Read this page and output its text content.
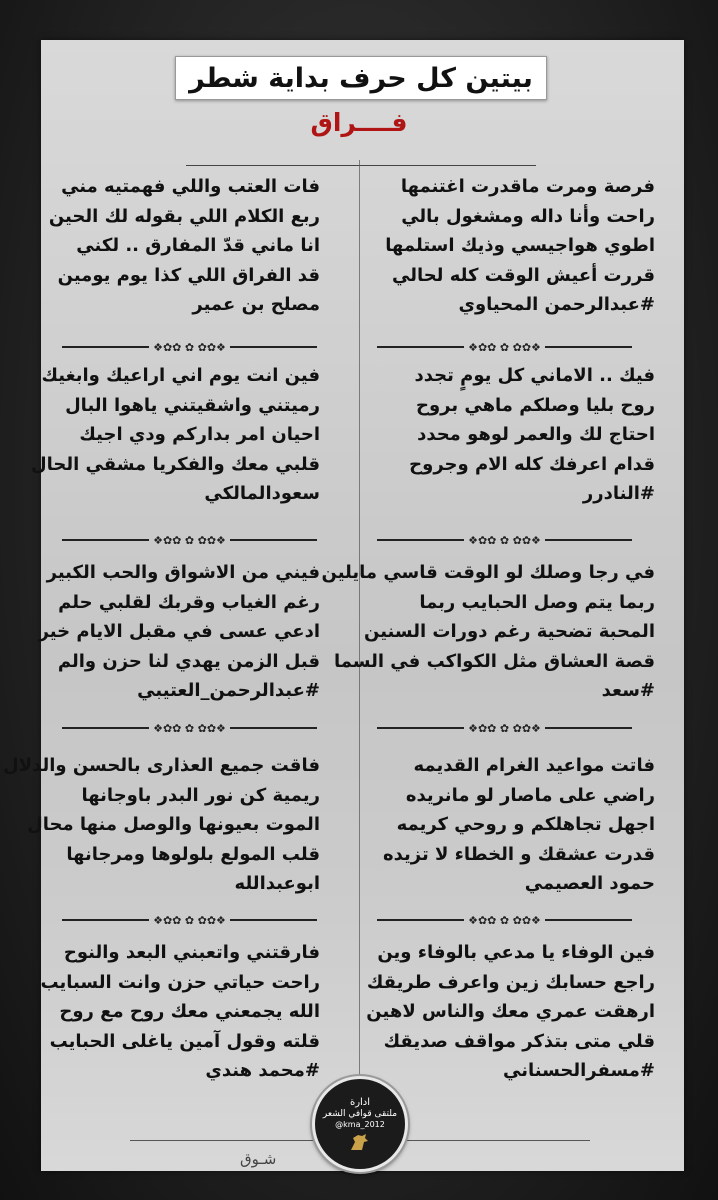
بيتين كل حرف بداية شطر
فــــراق
فرصة ومرت ماقدرت اغتنمها
راحت وأنا داله ومشغول بالي
اطوي هواجيسي وذيك استلمها
قررت أعيش الوقت كله لحالي
#عبدالرحمن المحياوي
فيك .. الاماني كل يومٍ تجدد
روح بليا وصلكم ماهي بروح
احتاج لك والعمر لوهو محدد
قدام اعرفك كله الام وجروح
#النادرر
في رجا وصلك لو الوقت قاسي مايلين
ربما يتم وصل الحبايب ربما
المحبة تضحية رغم دورات السنين
قصة العشاق مثل الكواكب في السما
#سعد
فاتت مواعيد الغرام القديمه
راضي على ماصار لو مانريده
اجهل تجاهلكم و روحي كريمه
قدرت عشقك و الخطاء لا تزيده
حمود العصيمي
فين الوفاء يا مدعي بالوفاء وين
راجع حسابك زين واعرف طريقك
ارهقت عمري معك والناس لاهين
قلي متى بتذكر مواقف صديقك
#مسفرالحسناني
فات العتب واللي فهمتيه مني
ربع الكلام اللي بقوله لك الحين
انا ماني قدّ المفارق .. لكني
قد الفراق اللي كذا يوم يومين
مصلح بن عمير
فين انت يوم اني اراعيك وابغيك
رميتني واشقيتني ياهوا البال
احيان امر بداركم ودي اجيك
قلبي معك والفكريا مشقي الحال
سعودالمالكي
فيني من الاشواق والحب الكبير
رغم الغياب وقربك لقلبي حلم
ادعي عسى في مقبل الايام خير
قبل الزمن يهدي لنا حزن والم
#عبدالرحمن_العتيبي
فاقت جميع العذارى بالحسن والدلال
ريمية كن نور البدر باوجانها
الموت بعيونها والوصل منها محال
قلب المولع بلولوها ومرجانها
ابوعبدالله
فارقتني واتعبني البعد والنوح
راحت حياتي حزن وانت السبايب
الله يجمعني معك روح مع روح
قلته وقول آمين ياغلى الحبايب
#محمد هندي
❖✿✿ ✿ ✿✿❖
❖✿✿ ✿ ✿✿❖
❖✿✿ ✿ ✿✿❖
❖✿✿ ✿ ✿✿❖
❖✿✿ ✿ ✿✿❖
❖✿✿ ✿ ✿✿❖
❖✿✿ ✿ ✿✿❖
❖✿✿ ✿ ✿✿❖
ادارة
ملتقى قوافي الشعر
@kma_2012
شـوق
